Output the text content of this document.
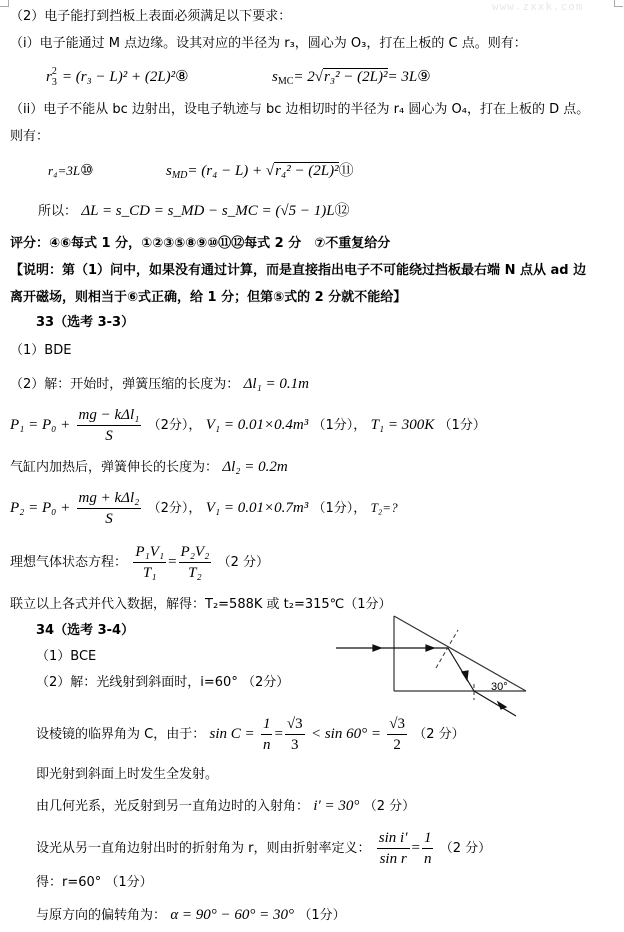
www.zxxk.com
（2）电子能打到挡板上表面必须满足以下要求：
（i）电子能通过 M 点边缘。设其对应的半径为 r₃，圆心为 O₃，打在上板的 C 点。则有：
$r_3^2 = (r_3 - L)^2$ + (2L)²⑧	$s_{MC}= 2√r_3^2 - (2L)^2=$ 3L⑨
（ii）电子不能从 bc 边射出，设电子轨迹与 bc 边相切时的半径为 r₄ 圆心为 O₄，打在上板的 D 点。
则有：
r₄=3L⑩	$s_{MD}= (r_4 - L) + √r_4^2$ − (2L)²⑪
所以： ΔL = s_CD = s_MD − s_MC = (√5 − 1)L⑫
评分：④⑥每式 1 分，①②③⑤⑧⑨⑩⑪⑫每式 2 分　⑦不重复给分
【说明：第（1）问中，如果没有通过计算，而是直接指出电子不可能绕过挡板最右端 N 点从 ad 边
离开磁场，则相当于⑥式正确，给 1 分；但第⑤式的 2 分就不能给】
33（选考 3-3）
（1）BDE
（2）解：开始时，弹簧压缩的长度为： Δl₁ = 0.1m
$P_1 = P_0 + \frac{\text{mg − kΔl₁}}{S} (2$分）， V₁ = 0.01×0.4m³ （1分）， T₁ = 300K （1分）
气缸内加热后，弹簧伸长的长度为： Δl₂ = 0.2m
$P_2 = P_0 + \frac{\text{mg + kΔl₂}}{S} (2$分）， V₁ = 0.01×0.7m³ （1分）， T₂=?
理想气体状态方程： $\frac{\text{P₁V₁}}{\text{T₁}} = \frac{\text{P₂V₂}}{\text{T₂}} (2$ 分）
联立以上各式并代入数据，解得：T₂=588K 或 t₂=315℃（1分）
34（选考 3-4）
（1）BCE
（2）解：光线射到斜面时，i=60° （2分）	30°
设棱镜的临界角为 C，由于： $\sin C = \frac{1}{n} = \frac{√3}{3} < \sin 60^\circ = \frac{√3}{2} (2$ 分）
即光射到斜面上时发生全发射。
由几何光系，光反射到另一直角边时的入射角： i′ = 30° （2 分）
设光从另一直角边射出时的折射角为 r，则由折射率定义： $\frac{\text{sin i′}}{\text{sin r}} = \frac{1}{n} (2$ 分）
得：r=60° （1分）
与原方向的偏转角为： α = 90° − 60° = 30° （1分）
